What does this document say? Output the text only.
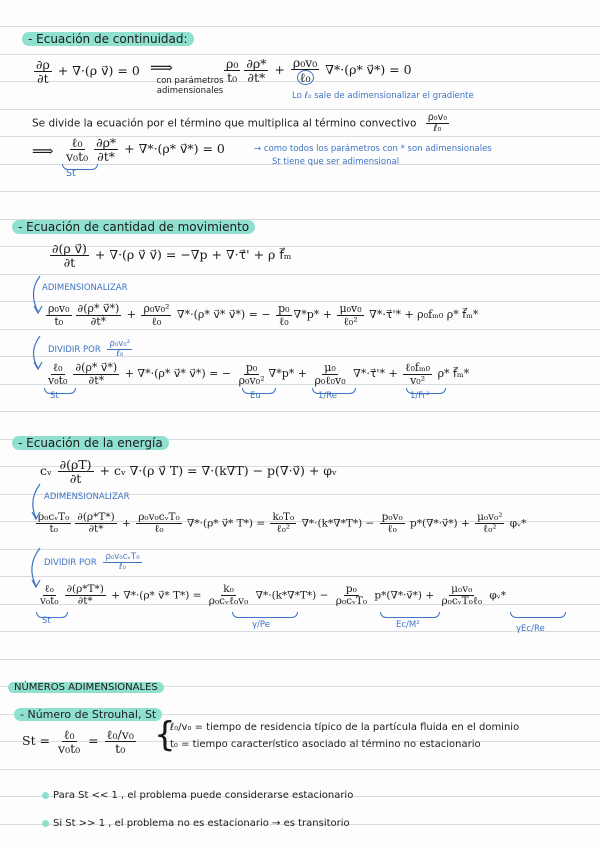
- Ecuación de continuidad:
$\frac{\partial\rho}{\partial t} + \nabla\cdot(\rho$ v⃗) = 0 ⟹
con parámetros adimensionales
$\frac{\text{ρ₀}}{\text{t₀}} \frac{\partial\rho*}{\partial t*} + \frac{\text{ρ₀v₀}}{\text{ℓ₀}} \nabla*\cdot(\rho*$ v⃗*) = 0
Lo ℓ₀ sale de adimensionalizar el gradiente
Se divide la ecuación por el término que multiplica al término convectivo $\frac{\text{ρ₀v₀}}{\text{ℓ₀}}$
⟹ $\frac{\text{ℓ₀}}{\text{v₀t₀}} \frac{\partial\rho*}{\partial t*} + \nabla*\cdot(\rho*$ v⃗*) = 0
St
→ como todos los parámetros con * son adimensionales
St tiene que ser adimensional
- Ecuación de cantidad de movimiento
$\frac{\text{∂(ρ v⃗)}}{\partial t} + \nabla\cdot(\rho$ v⃗ v⃗) = −∇p + ∇·τ⃗' + ρ f⃗ₘ
ADIMENSIONALIZAR
$\frac{\text{ρ₀v₀}}{\text{t₀}} \frac{\partial(\rho* v⃗*)}{\partial t*} + \frac{\text{ρ₀v₀²}}{\text{ℓ₀}} \nabla*\cdot(\rho*$ v⃗* v⃗*) = − $\frac{\text{p₀}}{\text{ℓ₀}} \nabla*p* + \frac{\text{μ₀v₀}}{\text{ℓ₀²}}$ ∇*·τ⃗'* + ρ₀fₘ₀ ρ* f⃗ₘ*
DIVIDIR POR $\frac{\text{ρ₀v₀²}}{\text{ℓ₀}}$
$\frac{\text{ℓ₀}}{\text{v₀t₀}} \frac{\partial(\rho* v⃗*)}{\partial t*} + \nabla*\cdot(\rho*$ v⃗* v⃗*) = − $\frac{\text{p₀}}{\text{ρ₀v₀²}} \nabla*p* + \frac{\text{μ₀}}{\text{ρ₀ℓ₀v₀}}$ ∇*·τ⃗'* + $\frac{\text{ℓ₀fₘ₀}}{\text{v₀²}} \rho*$ f⃗ₘ*
St	Eu	1/Re	1/Fr²
- Ecuación de la energía
cᵥ $\frac{\partial(\rho T)}{\partial t}$ + cᵥ ∇·(ρ v⃗ T) = ∇·(k∇T) − p(∇·v⃗) + φᵥ
ADIMENSIONALIZAR
$\frac{\text{ρ₀cᵥT₀}}{\text{t₀}} \frac{\partial(\rho*T*)}{\partial t*} + \frac{\text{ρ₀v₀cᵥT₀}}{\text{ℓ₀}} \nabla*\cdot(\rho*$ v⃗* $T*) = \frac{\text{k₀T₀}}{\text{ℓ₀²}} \nabla*\cdot(k*\nabla*T*) - \frac{\text{p₀v₀}}{\text{ℓ₀}}$ p*(∇*·v⃗*) + $\frac{\text{μ₀v₀²}}{\text{ℓ₀²}}$ φᵥ*
DIVIDIR POR $\frac{\text{ρ₀v₀cᵥT₀}}{\text{ℓ₀}}$
$\frac{\text{ℓ₀}}{\text{v₀t₀}} \frac{\partial(\rho*T*)}{\partial t*} + \nabla*\cdot(\rho*$ v⃗* $T*) = \frac{\text{k₀}}{\text{ρ₀cᵥℓ₀v₀}} \nabla*\cdot(k*\nabla*T*) - \frac{\text{p₀}}{\text{ρ₀cᵥT₀}}$ p*(∇*·v⃗*) + $\frac{\text{μ₀v₀}}{\text{ρ₀cᵥT₀ℓ₀}}$ φᵥ*
St	γ/Pe	Ec/M²	γEc/Re
NÚMEROS ADIMENSIONALES
- Número de Strouhal, St
$St = \frac{\text{ℓ₀}}{\text{v₀t₀}} = \frac{\text{ℓ₀/v₀}}{\text{t₀}}$ {
ℓ₀/v₀ = tiempo de residencia típico de la partícula fluida en el dominio
t₀ = tiempo característico asociado al término no estacionario
Para St << 1 , el problema puede considerarse estacionario
Si St >> 1 , el problema no es estacionario → es transitorio
